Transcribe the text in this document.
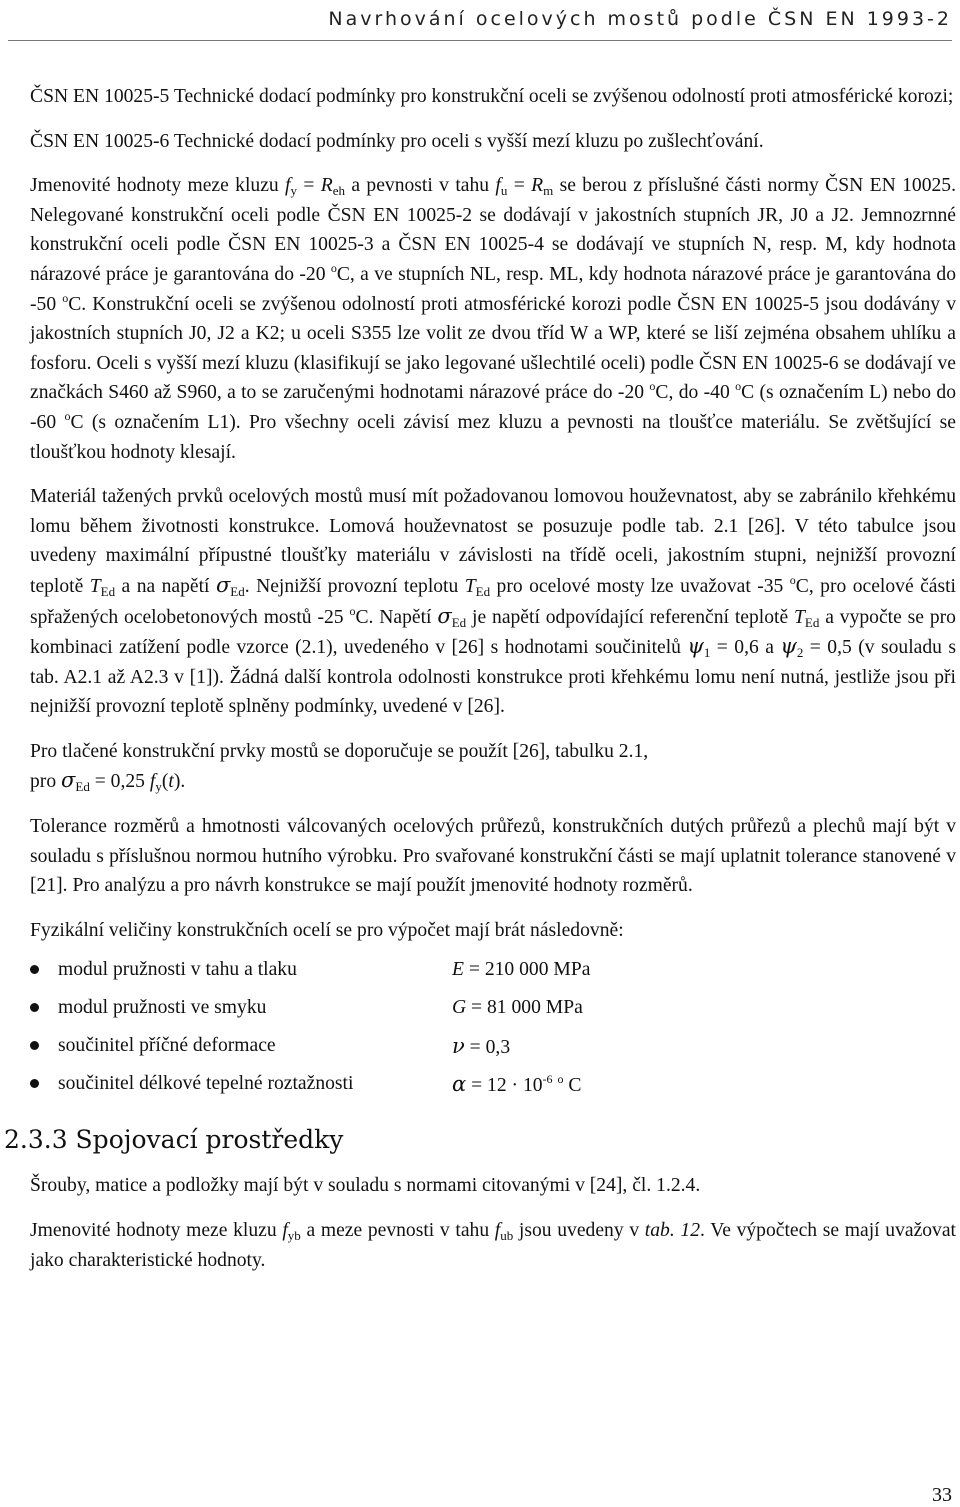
Navrhování ocelových mostů podle ČSN EN 1993-2

ČSN EN 10025-5 Technické dodací podmínky pro konstrukční oceli se zvýšenou odolností proti atmosférické korozi;

ČSN EN 10025-6 Technické dodací podmínky pro oceli s vyšší mezí kluzu po zušlechťování.

Jmenovité hodnoty meze kluzu $f_y = R_{eh}$ a pevnosti v tahu $f_u = R_m$ se berou z příslušné části normy ČSN EN 10025. Nelegované konstrukční oceli podle ČSN EN 10025-2 se dodávají v jakostních stupních JR, J0 a J2. Jemnozrnné konstrukční oceli podle ČSN EN 10025-3 a ČSN EN 10025-4 se dodávají ve stupních N, resp. M, kdy hodnota nárazové práce je garantována do -20 $^o$C, a ve stupních NL, resp. ML, kdy hodnota nárazové práce je garantována do -50 $^o$C. Konstrukční oceli se zvýšenou odolností proti atmosférické korozi podle ČSN EN 10025-5 jsou dodávány v jakostních stupních J0, J2 a K2; u oceli S355 lze volit ze dvou tříd W a WP, které se liší zejména obsahem uhlíku a fosforu. Oceli s vyšší mezí kluzu (klasifikují se jako legované ušlechtilé oceli) podle ČSN EN 10025-6 se dodávají ve značkách S460 až S960, a to se zaručenými hodnotami nárazové práce do -20 $^o$C, do -40 $^o$C (s označením L) nebo do -60 $^o$C (s označením L1). Pro všechny oceli závisí mez kluzu a pevnosti na tloušťce materiálu. Se zvětšující se tloušťkou hodnoty klesají.

Materiál tažených prvků ocelových mostů musí mít požadovanou lomovou houževnatost, aby se zabránilo křehkému lomu během životnosti konstrukce. Lomová houževnatost se posuzuje podle tab. 2.1 [26]. V této tabulce jsou uvedeny maximální přípustné tloušťky materiálu v závislosti na třídě oceli, jakostním stupni, nejnižší provozní teplotě $T_{Ed}$ a na napětí $\sigma_{Ed}$. Nejnižší provozní teplotu $T_{Ed}$ pro ocelové mosty lze uvažovat -35 $^o$C, pro ocelové části spřažených ocelobetonových mostů -25 $^o$C. Napětí $\sigma_{Ed}$ je napětí odpovídající referenční teplotě $T_{Ed}$ a vypočte se pro kombinaci zatížení podle vzorce (2.1), uvedeného v [26] s hodnotami součinitelů $\psi_1 = 0,6$ a $\psi_2 = 0,5$ (v souladu s tab. A2.1 až A2.3 v [1]). Žádná další kontrola odolnosti konstrukce proti křehkému lomu není nutná, jestliže jsou při nejnižší provozní teplotě splněny podmínky, uvedené v [26].

Pro tlačené konstrukční prvky mostů se doporučuje se použít [26], tabulku 2.1,
pro $\sigma_{Ed} = 0,25$ $f_y(t)$.

Tolerance rozměrů a hmotnosti válcovaných ocelových průřezů, konstrukčních dutých průřezů a plechů mají být v souladu s příslušnou normou hutního výrobku. Pro svařované konstrukční části se mají uplatnit tolerance stanovené v [21]. Pro analýzu a pro návrh konstrukce se mají použít jmenovité hodnoty rozměrů.

Fyzikální veličiny konstrukčních ocelí se pro výpočet mají brát následovně:

modul pružnosti v tahu a tlaku	E = 210 000 MPa
modul pružnosti ve smyku	G = 81 000 MPa
součinitel příčné deformace	ν = 0,3
součinitel délkové tepelné roztažnosti	$\alpha = 12 \cdot 10^{-6}$ $^o$ C
2.3.3 Spojovací prostředky

Šrouby, matice a podložky mají být v souladu s normami citovanými v [24], čl. 1.2.4.

Jmenovité hodnoty meze kluzu $f_{yb}$ a meze pevnosti v tahu $f_{ub}$ jsou uvedeny v tab. 12. Ve výpočtech se mají uvažovat jako charakteristické hodnoty.

33
